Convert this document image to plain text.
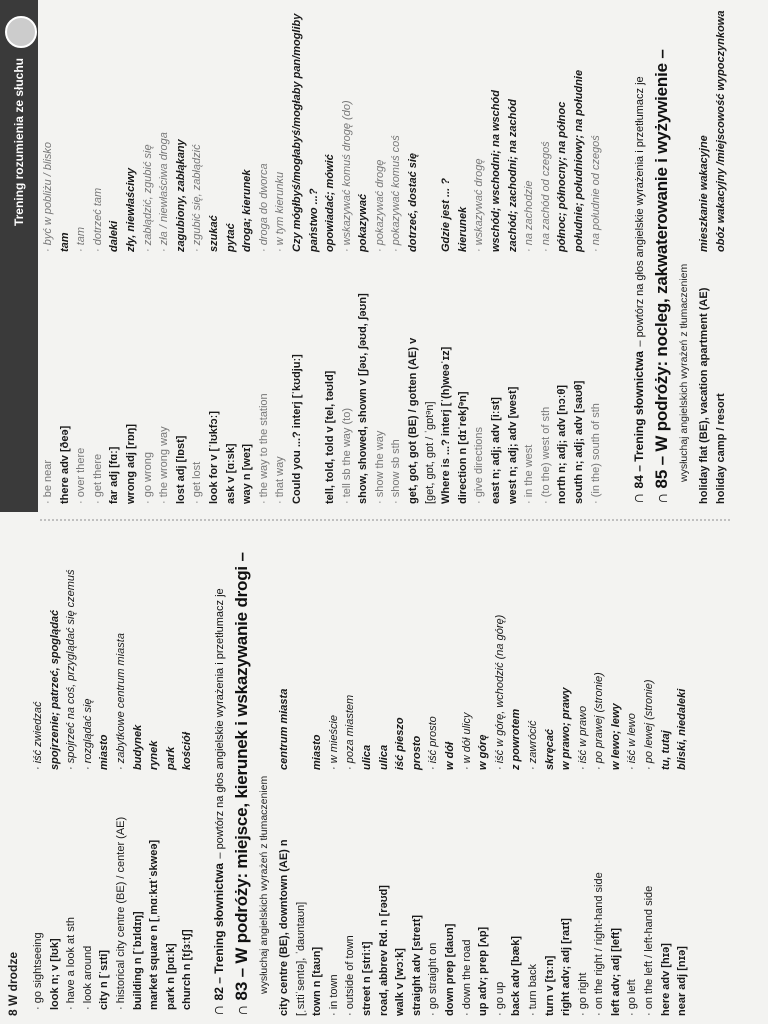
8 W drodze · go sightseeing· iść zwiedzać
look n; v [lʊk]spojrzenie; patrzeć, spoglądać
· have a look at sth· spojrzeć na coś, przyglądać się czemuś
· look around· rozglądać się
city n [ˈsɪti]miasto
· historical city centre (BE) / center (AE)· zabytkowe centrum miasta
building n [ˈbɪldɪŋ]budynek
market square n [ˌmɑːkɪtˈskweə]rynek
park n [pɑːk]park
church n [tʃɜːtʃ]kościół
∩82 – Trening słownictwa – powtórz na głos angielskie wyrażenia i przetłumacz je
∩83 – W podróży: miejsce, kierunek i wskazywanie drogi –
wysłuchaj angielskich wyrażeń z tłumaczeniem city centre (BE), downtown (AE) ncentrum miasta
[ˌsɪtiˈsentə], ˈdaʊntaʊn] town n [taʊn]miasto
· in town· w mieście
· outside of town· poza miastem
street n [striːt]ulica
road, abbrev Rd. n [rəʊd]ulica
walk v [wɔːk]iść pieszo
straight adv [streɪt]prosto
· go straight on· iść prosto
down prep [daʊn]w dół
· down the road· w dół ulicy
up adv; prep [ʌp]w górę
· go up· iść w górę, wchodzić (na górę)
back adv [bæk]z powrotem
· turn back· zawrócić
turn v [tɜːn]skręcać
right adv; adj [raɪt]w prawo; prawy
· go right· iść w prawo
· on the right / right-hand side· po prawej (stronie)
left adv; adj [left]w lewo; lewy
· go left· iść w lewo
· on the left / left-hand side· po lewej (stronie)
here adv [hɪə]tu, tutaj
near adj [nɪə]bliski, niedaleki
Trening rozumienia ze słuchu
· be near· być w pobliżu / blisko
there adv [ðeə]tam
· over there· tam
· get there· dotrzeć tam
far adj [fɑː]daleki
wrong adj [rɒŋ]zły, niewłaściwy
· go wrong· zabłądzić, zgubić się
· the wrong way· zła / niewłaściwa droga
lost adj [lɒst]zagubiony, zabłąkany
· get lost· zgubić się, zabłądzić
look for v [ˈlʊkfɔː]szukać
ask v [ɑːsk]pytać
way n [weɪ]droga; kierunek
· the way to the station· droga do dworca
· that way· w tym kierunku
Could you ...? interj [ˈkʊdjuː]Czy mógłbyś/mogłabyś/mogłaby pan/mogliby państwo ...?
tell, told, told v [tel, təʊld]opowiadać; mówić
· tell sb the way (to)· wskazywać komuś drogę (do)
show, showed, shown v [ʃəʊ, ʃəʊd, ʃəʊn]pokazywać
· show the way· pokazywać drogę
· show sb sth· pokazywać komuś coś
get, got, got (BE) / gotten (AE) vdotrzeć, dostać się
[get, gɒt, gɒt / ˈgɒtᵊn] Where is ...? interj [ˈ(h)weəˈɪz]Gdzie jest ... ?
direction n [dɪˈrekʃᵊn]kierunek
· give directions· wskazywać drogę
east n; adj; adv [iːst]wschód; wschodni; na wschód
west n; adj; adv [west]zachód; zachodni; na zachód
· in the west· na zachodzie
· (to the) west of sth· na zachód od czegoś
north n; adj; adv [nɔːθ]północ; północny; na północ
south n; adj; adv [saʊθ]południe; południowy; na południe
· (in the) south of sth· na południe od czegoś
∩84 – Trening słownictwa – powtórz na głos angielskie wyrażenia i przetłumacz je
∩85 – W podróży: nocleg, zakwaterowanie i wyżywienie –
wysłuchaj angielskich wyrażeń z tłumaczeniem holiday flat (BE), vacation apartment (AE)mieszkanie wakacyjne
holiday camp / resortobóz wakacyjny /miejscowość wypoczynkowa
